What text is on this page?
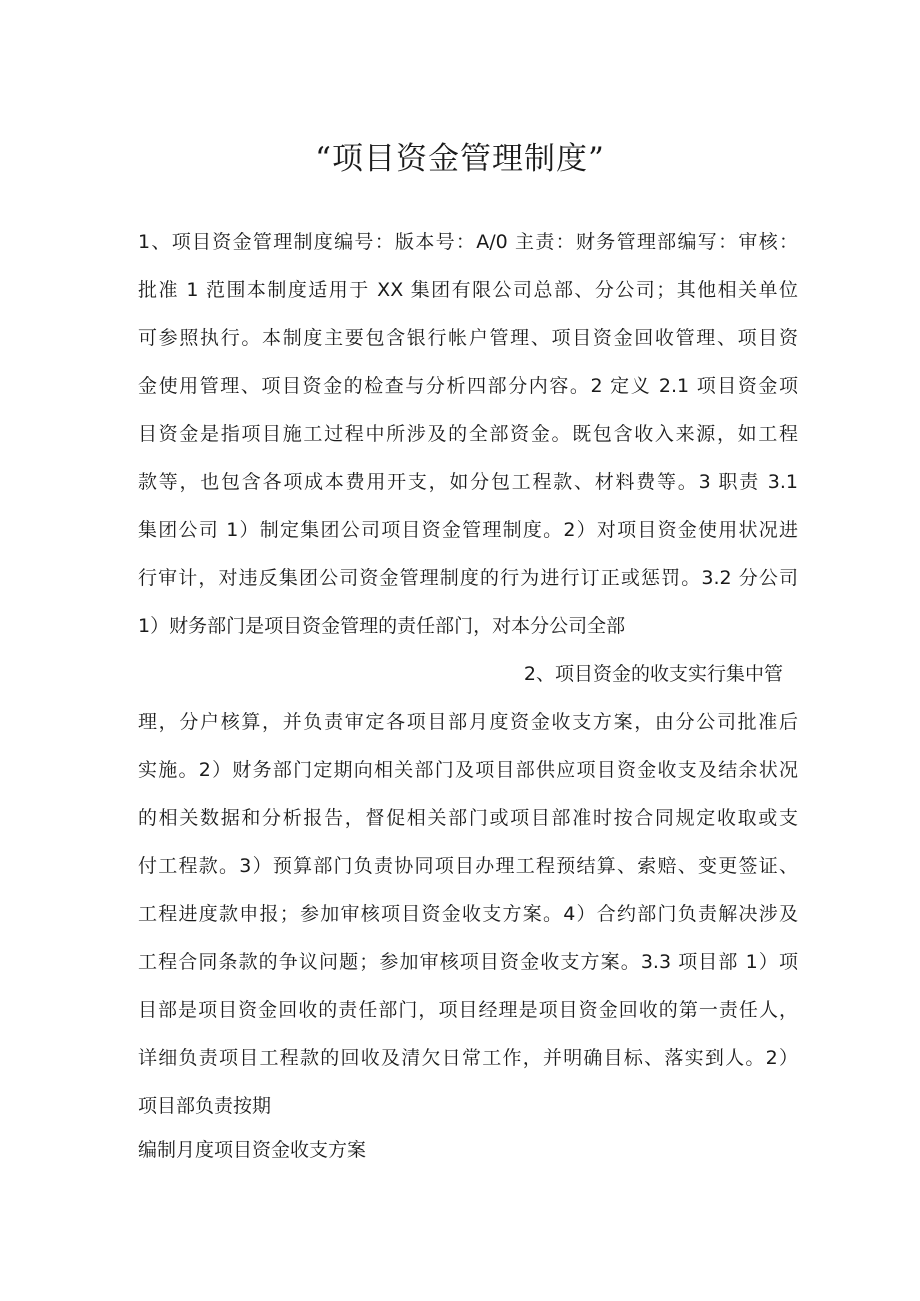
“项目资金管理制度”
1、项目资金管理制度编号：版本号：A/0 主责：财务管理部编写：审核：
批准 1 范围本制度适用于 XX 集团有限公司总部、分公司；其他相关单位
可参照执行。本制度主要包含银行帐户管理、项目资金回收管理、项目资
金使用管理、项目资金的检查与分析四部分内容。2 定义 2.1 项目资金项
目资金是指项目施工过程中所涉及的全部资金。既包含收入来源，如工程
款等，也包含各项成本费用开支，如分包工程款、材料费等。3 职责 3.1
集团公司 1）制定集团公司项目资金管理制度。2）对项目资金使用状况进
行审计，对违反集团公司资金管理制度的行为进行订正或惩罚。3.2 分公司
1）财务部门是项目资金管理的责任部门，对本分公司全部
2、项目资金的收支实行集中管
理，分户核算，并负责审定各项目部月度资金收支方案，由分公司批准后
实施。2）财务部门定期向相关部门及项目部供应项目资金收支及结余状况
的相关数据和分析报告，督促相关部门或项目部准时按合同规定收取或支
付工程款。3）预算部门负责协同项目办理工程预结算、索赔、变更签证、
工程进度款申报；参加审核项目资金收支方案。4）合约部门负责解决涉及
工程合同条款的争议问题；参加审核项目资金收支方案。3.3 项目部 1）项
目部是项目资金回收的责任部门，项目经理是项目资金回收的第一责任人，
详细负责项目工程款的回收及清欠日常工作，并明确目标、落实到人。2）
项目部负责按期
编制月度项目资金收支方案
